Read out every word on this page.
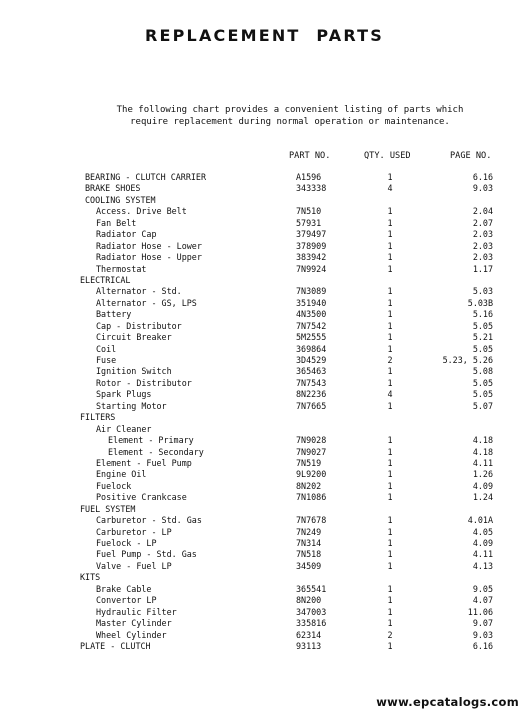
REPLACEMENT PARTS
The following chart provides a convenient listing of parts which
require replacement during normal operation or maintenance.
PART NO.	QTY. USED	PAGE NO.
BEARING - CLUTCH CARRIER	A1596	1	6.16
BRAKE SHOES	343338	4	9.03
COOLING SYSTEM
Access. Drive Belt	7N510	1	2.04
Fan Belt	57931	1	2.07
Radiator Cap	379497	1	2.03
Radiator Hose - Lower	378909	1	2.03
Radiator Hose - Upper	383942	1	2.03
Thermostat	7N9924	1	1.17
ELECTRICAL
Alternator - Std.	7N3089	1	5.03
Alternator - GS, LPS	351940	1	5.03B
Battery	4N3500	1	5.16
Cap - Distributor	7N7542	1	5.05
Circuit Breaker	5M2555	1	5.21
Coil	369864	1	5.05
Fuse	3D4529	2	5.23, 5.26
Ignition Switch	365463	1	5.08
Rotor - Distributor	7N7543	1	5.05
Spark Plugs	8N2236	4	5.05
Starting Motor	7N7665	1	5.07
FILTERS
Air Cleaner
Element - Primary	7N9028	1	4.18
Element - Secondary	7N9027	1	4.18
Element - Fuel Pump	7N519	1	4.11
Engine Oil	9L9200	1	1.26
Fuelock	8N202	1	4.09
Positive Crankcase	7N1086	1	1.24
FUEL SYSTEM
Carburetor - Std. Gas	7N7678	1	4.01A
Carburetor - LP	7N249	1	4.05
Fuelock - LP	7N314	1	4.09
Fuel Pump - Std. Gas	7N518	1	4.11
Valve - Fuel LP	34509	1	4.13
KITS
Brake Cable	365541	1	9.05
Convertor LP	8N200	1	4.07
Hydraulic Filter	347003	1	11.06
Master Cylinder	335816	1	9.07
Wheel Cylinder	62314	2	9.03
PLATE - CLUTCH	93113	1	6.16
www.epcatalogs.com
